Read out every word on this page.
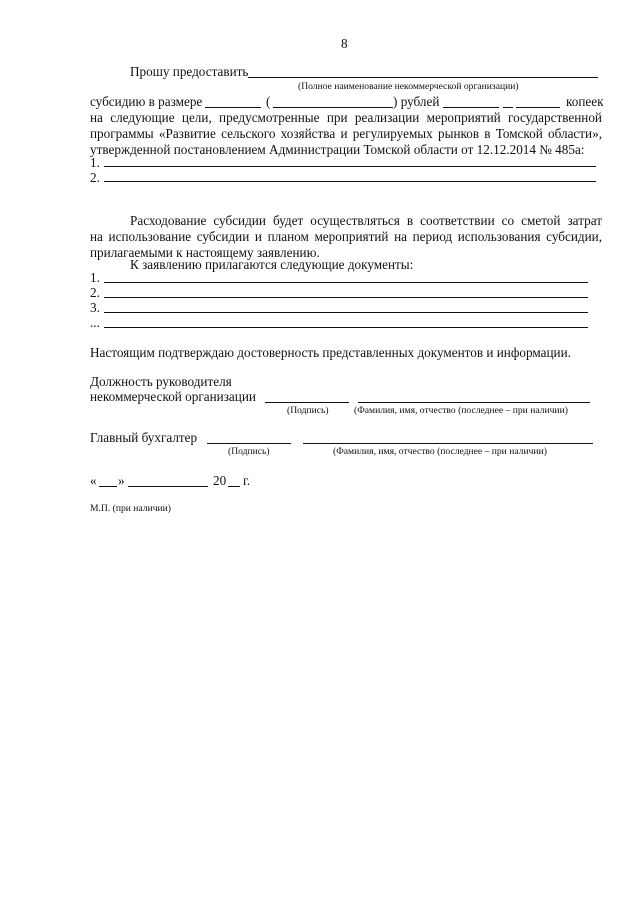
8
Прошу предоставить
(Полное наименование некоммерческой организации)
субсидию в размере	(	) рублей	копеек
на следующие цели, предусмотренные при реализации мероприятий государственной
программы «Развитие сельского хозяйства и регулируемых рынков в Томской области»,
утвержденной постановлением Администрации Томской области от 12.12.2014 № 485а:
1.
2.
Расходование субсидии будет осуществляться в соответствии со сметой затрат
на использование субсидии и планом мероприятий на период использования субсидии,
прилагаемыми к настоящему заявлению.
К заявлению прилагаются следующие документы:
1.
2.
3.
...
Настоящим подтверждаю достоверность представленных документов и информации.
Должность руководителя
некоммерческой организации
(Подпись)	(Фамилия, имя, отчество (последнее – при наличии)
Главный бухгалтер
(Подпись)	(Фамилия, имя, отчество (последнее – при наличии)
« »	20 г.
М.П. (при наличии)
